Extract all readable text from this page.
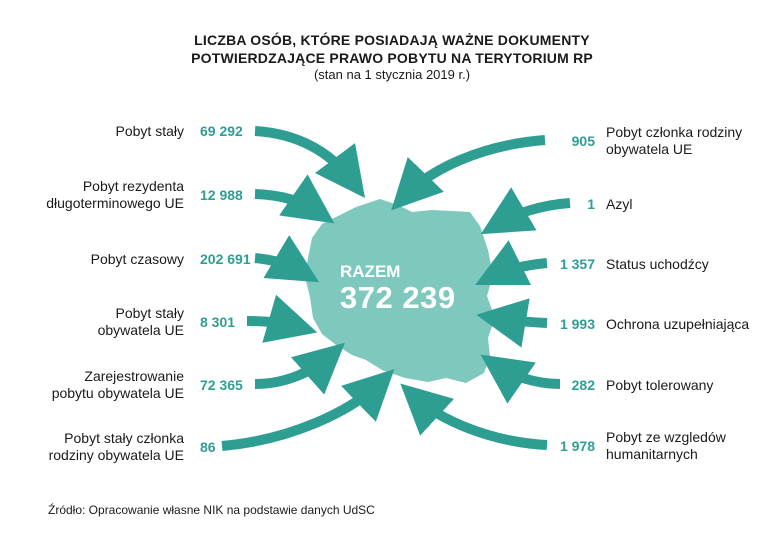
LICZBA OSÓB, KTÓRE POSIADAJĄ WAŻNE DOKUMENTY
POTWIERDZAJĄCE PRAWO POBYTU NA TERYTORIUM RP
(stan na 1 stycznia 2019 r.)
RAZEM
372 239
Pobyt stały 69 292
Pobyt rezydenta
długoterminowego UE 12 988
Pobyt czasowy 202 691
Pobyt stały
obywatela UE 8 301
Zarejestrowanie
pobytu obywatela UE 72 365
Pobyt stały członka
rodziny obywatela UE 86
905
Pobyt członka rodziny
obywatela UE
1 Azyl
1 357 Status uchodźcy
1 993 Ochrona uzupełniająca
282 Pobyt tolerowany
1 978
Pobyt ze wzgledów
humanitarnych
Źródło: Opracowanie własne NIK na podstawie danych UdSC
